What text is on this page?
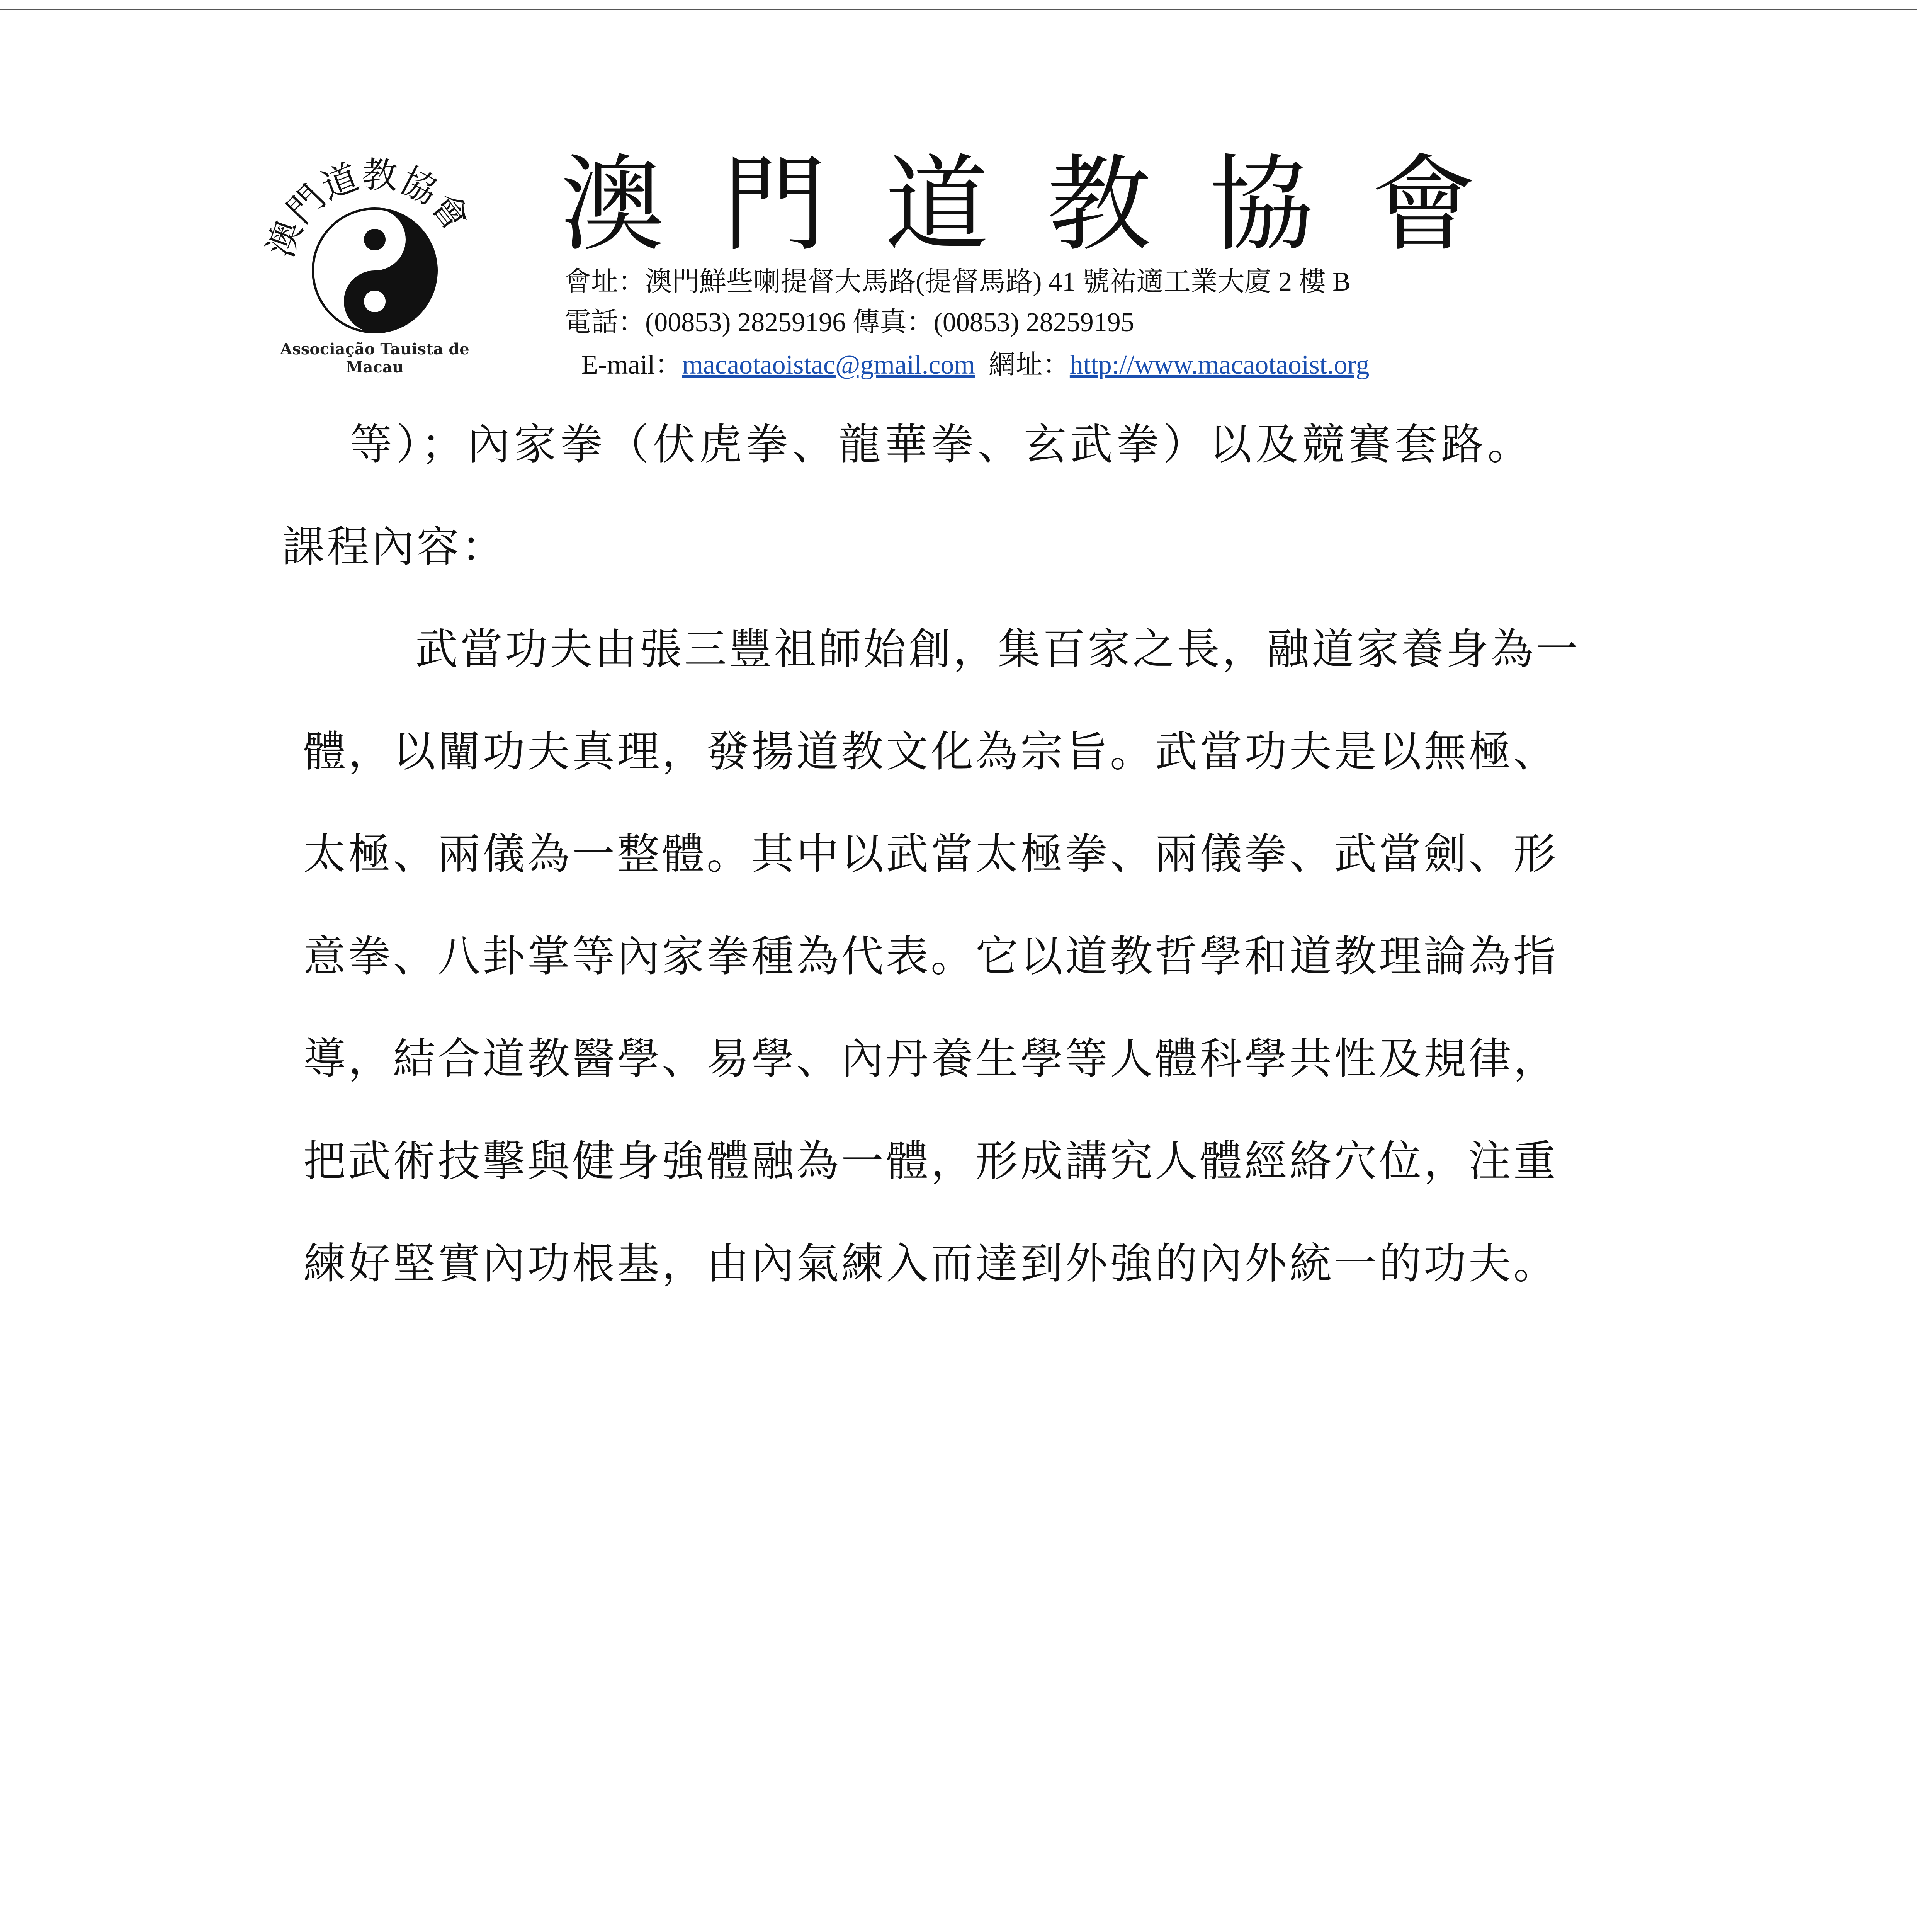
澳門道教協會
Associação Tauista de Macau
澳門道教協會
會址：澳門鮮些喇提督大馬路(提督馬路) 41 號祐適工業大廈 2 樓 B
電話：(00853) 28259196 傳真：(00853) 28259195
E-mail：macaotaoistac@gmail.com 網址：http://www.macaotaoist.org
等）；內家拳（伏虎拳、龍華拳、玄武拳）以及競賽套路。
課程內容：
武當功夫由張三豐祖師始創，集百家之長，融道家養身為一
體，以闡功夫真理，發揚道教文化為宗旨。武當功夫是以無極、
太極、兩儀為一整體。其中以武當太極拳、兩儀拳、武當劍、形
意拳、八卦掌等內家拳種為代表。它以道教哲學和道教理論為指
導，結合道教醫學、易學、內丹養生學等人體科學共性及規律，
把武術技擊與健身強體融為一體，形成講究人體經絡穴位，注重
練好堅實內功根基，由內氣練入而達到外強的內外統一的功夫。
